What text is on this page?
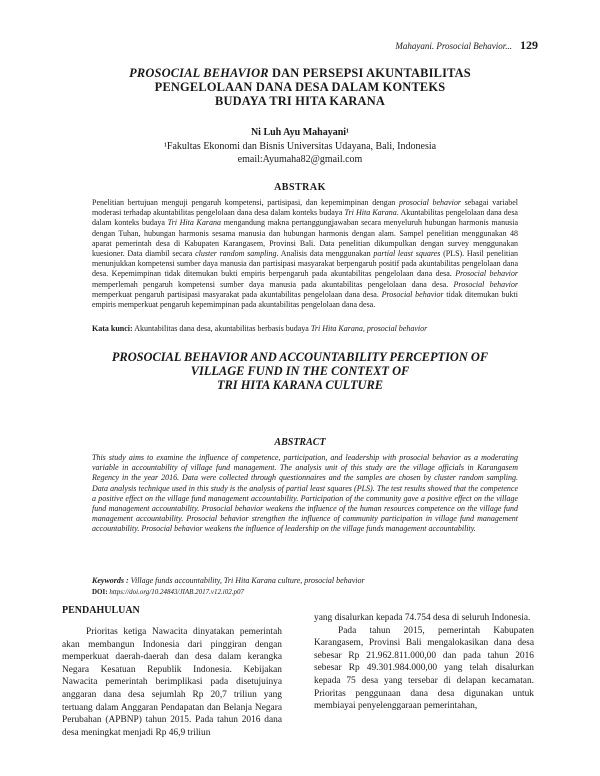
Mahayani. Prosocial Behavior... 129
PROSOCIAL BEHAVIOR DAN PERSEPSI AKUNTABILITAS
PENGELOLAAN DANA DESA DALAM KONTEKS
BUDAYA TRI HITA KARANA
Ni Luh Ayu Mahayani¹
¹Fakultas Ekonomi dan Bisnis Universitas Udayana, Bali, Indonesia
email:Ayumaha82@gmail.com
ABSTRAK
Penelitian bertujuan menguji pengaruh kompetensi, partisipasi, dan kepemimpinan dengan prosocial behavior sebagai variabel moderasi terhadap akuntabilitas pengelolaan dana desa dalam konteks budaya Tri Hita Karana. Akuntabilitas pengelolaan dana desa dalam konteks budaya Tri Hita Karana mengandung makna pertanggungjawaban secara menyeluruh hubungan harmonis manusia dengan Tuhan, hubungan harmonis sesama manusia dan hubungan harmonis dengan alam. Sampel penelitian menggunakan 48 aparat pemerintah desa di Kabupaten Karangasem, Provinsi Bali. Data penelitian dikumpulkan dengan survey menggunakan kuesioner. Data diambil secara cluster random sampling. Analisis data menggunakan partial least squares (PLS). Hasil penelitian menunjukkan kompetensi sumber daya manusia dan partisipasi masyarakat berpengaruh positif pada akuntabilitas pengelolaan dana desa. Kepemimpinan tidak ditemukan bukti empiris berpengaruh pada akuntabilitas pengelolaan dana desa. Prosocial behavior memperlemah pengaruh kompetensi sumber daya manusia pada akuntabilitas pengelolaan dana desa. Prosocial behavior memperkuat pengaruh partisipasi masyarakat pada akuntabilitas pengelolaan dana desa. Prosocial behavior tidak ditemukan bukti empiris memperkuat pengaruh kepemimpinan pada akuntabilitas pengelolaan dana desa.
Kata kunci: Akuntabilitas dana desa, akuntabilitas berbasis budaya Tri Hita Karana, prosocial behavior
PROSOCIAL BEHAVIOR AND ACCOUNTABILITY PERCEPTION OF
VILLAGE FUND IN THE CONTEXT OF
TRI HITA KARANA CULTURE
ABSTRACT
This study aims to examine the influence of competence, participation, and leadership with prosocial behavior as a moderating variable in accountability of village fund management. The analysis unit of this study are the village officials in Karangasem Regency in the year 2016. Data were collected through questionnaires and the samples are chosen by cluster random sampling. Data analysis technique used in this study is the analysis of partial least squares (PLS). The test results showed that the competence a positive effect on the village fund management accountability. Participation of the community gave a positive effect on the village fund management accountability. Prosocial behavior weakens the influence of the human resources competence on the village fund management accountability. Prosocial behavior strengthen the influence of community participation in village fund management accountability. Prosocial behavior weakens the influence of leadership on the village funds management accountability.
Keywords : Village funds accountability, Tri Hita Karana culture, prosocial behavior
DOI: https://doi.org/10.24843/JIAB.2017.v12.i02.p07
PENDAHULUAN

Prioritas ketiga Nawacita dinyatakan pemerintah akan membangun Indonesia dari pinggiran dengan memperkuat daerah-daerah dan desa dalam kerangka Negara Kesatuan Republik Indonesia. Kebijakan Nawacita pemerintah berimplikasi pada disetujuinya anggaran dana desa sejumlah Rp 20,7 triliun yang tertuang dalam Anggaran Pendapatan dan Belanja Negara Perubahan (APBNP) tahun 2015. Pada tahun 2016 dana desa meningkat menjadi Rp 46,9 triliun

yang disalurkan kepada 74.754 desa di seluruh Indonesia.

Pada tahun 2015, pemerintah Kabupaten Karangasem, Provinsi Bali mengalokasikan dana desa sebesar Rp 21.962.811.000,00 dan pada tahun 2016 sebesar Rp 49.301.984.000,00 yang telah disalurkan kepada 75 desa yang tersebar di delapan kecamatan. Prioritas penggunaan dana desa digunakan untuk membiayai penyelenggaraan pemerintahan,
